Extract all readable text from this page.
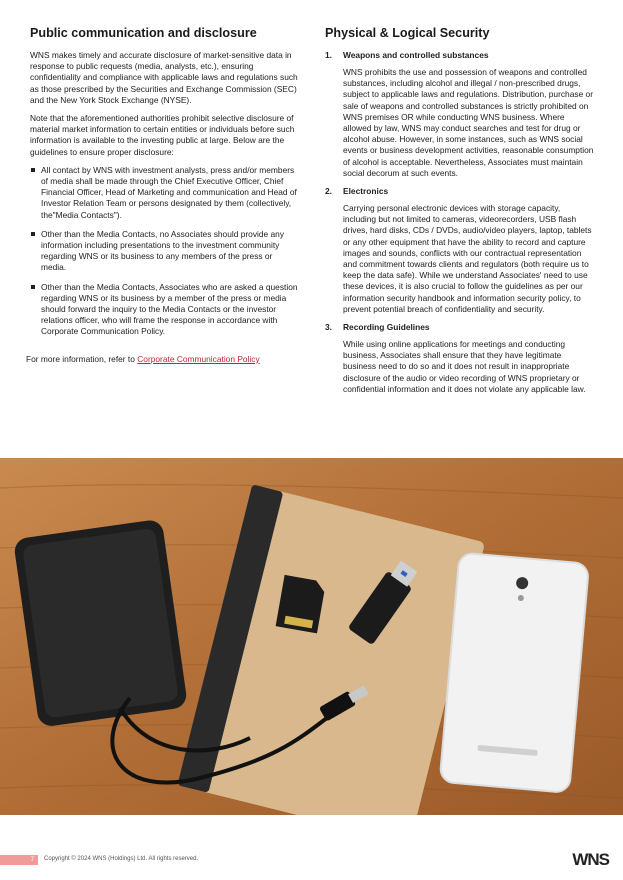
Public communication and disclosure

WNS makes timely and accurate disclosure of market-sensitive data in response to public requests (media, analysts, etc.), ensuring confidentiality and compliance with applicable laws and regulations such as those prescribed by the Securities and Exchange Commission (SEC) and the New York Stock Exchange (NYSE).

Note that the aforementioned authorities prohibit selective disclosure of material market information to certain entities or individuals before such information is available to the investing public at large. Below are the guidelines to ensure proper disclosure:

All contact by WNS with investment analysts, press and/or members of media shall be made through the Chief Executive Officer, Chief Financial Officer, Head of Marketing and communication and Head of Investor Relation Team or persons designated by them (collectively, the"Media Contacts").
Other than the Media Contacts, no Associates should provide any information including presentations to the investment community regarding WNS or its business to any members of the press or media.
Other than the Media Contacts, Associates who are asked a question regarding WNS or its business by a member of the press or media should forward the inquiry to the Media Contacts or the investor relations officer, who will frame the response in accordance with Corporate Communication Policy.
For more information, refer to Corporate Communication Policy
Physical & Logical Security
1.	Weapons and controlled substances

WNS prohibits the use and possession of weapons and controlled substances, including alcohol and illegal / non-prescribed drugs, subject to applicable laws and regulations. Distribution, purchase or sale of weapons and controlled substances is strictly prohibited on WNS premises OR while conducting WNS business. Where allowed by law, WNS may conduct searches and test for drug or alcohol abuse. However, in some instances, such as WNS social events or business development activities, reasonable consumption of alcohol is acceptable. Nevertheless, Associates must maintain social decorum at such events.

2.	Electronics

Carrying personal electronic devices with storage capacity, including but not limited to cameras, videorecorders, USB flash drives, hard disks, CDs / DVDs, audio/video players, laptop, tablets or any other equipment that have the ability to record and capture images and sounds, conflicts with our contractual representation and commitment towards clients and regulators (both require us to keep the data safe). While we understand Associates' need to use these devices, it is also crucial to follow the guidelines as per our information security handbook and information security policy, to prevent potential breach of confidentiality and security.

3.	Recording Guidelines

While using online applications for meetings and conducting business, Associates shall ensure that they have legitimate business need to do so and it does not result in inappropriate disclosure of the audio or video recording of WNS proprietary or confidential information and it does not violate any applicable law.

7	Copyright © 2024 WNS (Holdings) Ltd. All rights reserved.	WNS
